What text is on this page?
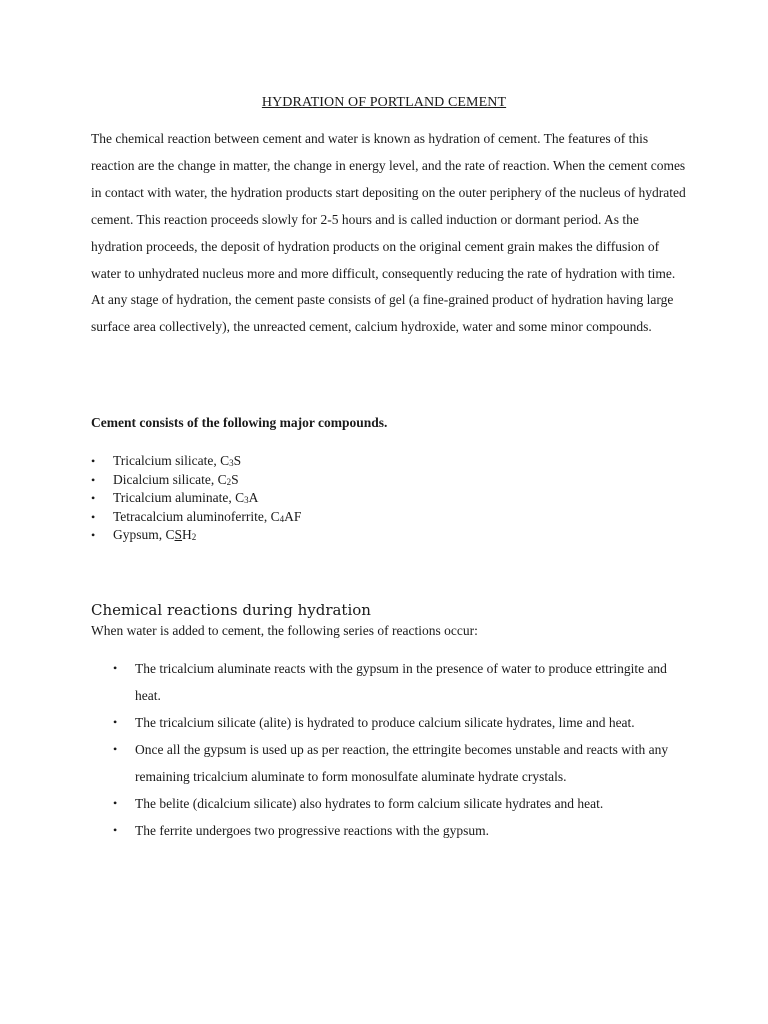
HYDRATION OF PORTLAND CEMENT

The chemical reaction between cement and water is known as hydration of cement. The features of this reaction are the change in matter, the change in energy level, and the rate of reaction. When the cement comes in contact with water, the hydration products start depositing on the outer periphery of the nucleus of hydrated cement. This reaction proceeds slowly for 2-5 hours and is called induction or dormant period. As the hydration proceeds, the deposit of hydration products on the original cement grain makes the diffusion of water to unhydrated nucleus more and more difficult, consequently reducing the rate of hydration with time. At any stage of hydration, the cement paste consists of gel (a fine-grained product of hydration having large surface area collectively), the unreacted cement, calcium hydroxide, water and some minor compounds.

Cement consists of the following major compounds.

• Tricalcium silicate, $C_3S$
• Dicalcium silicate, $C_2S$
• Tricalcium aluminate, $C_3A$
• Tetracalcium aluminoferrite, $C_4AF$
• Gypsum, $CSH_2$
Chemical reactions during hydration

When water is added to cement, the following series of reactions occur:

• The tricalcium aluminate reacts with the gypsum in the presence of water to produce ettringite and heat.
• The tricalcium silicate (alite) is hydrated to produce calcium silicate hydrates, lime and heat.
• Once all the gypsum is used up as per reaction, the ettringite becomes unstable and reacts with any remaining tricalcium aluminate to form monosulfate aluminate hydrate crystals.
• The belite (dicalcium silicate) also hydrates to form calcium silicate hydrates and heat.
• The ferrite undergoes two progressive reactions with the gypsum.
